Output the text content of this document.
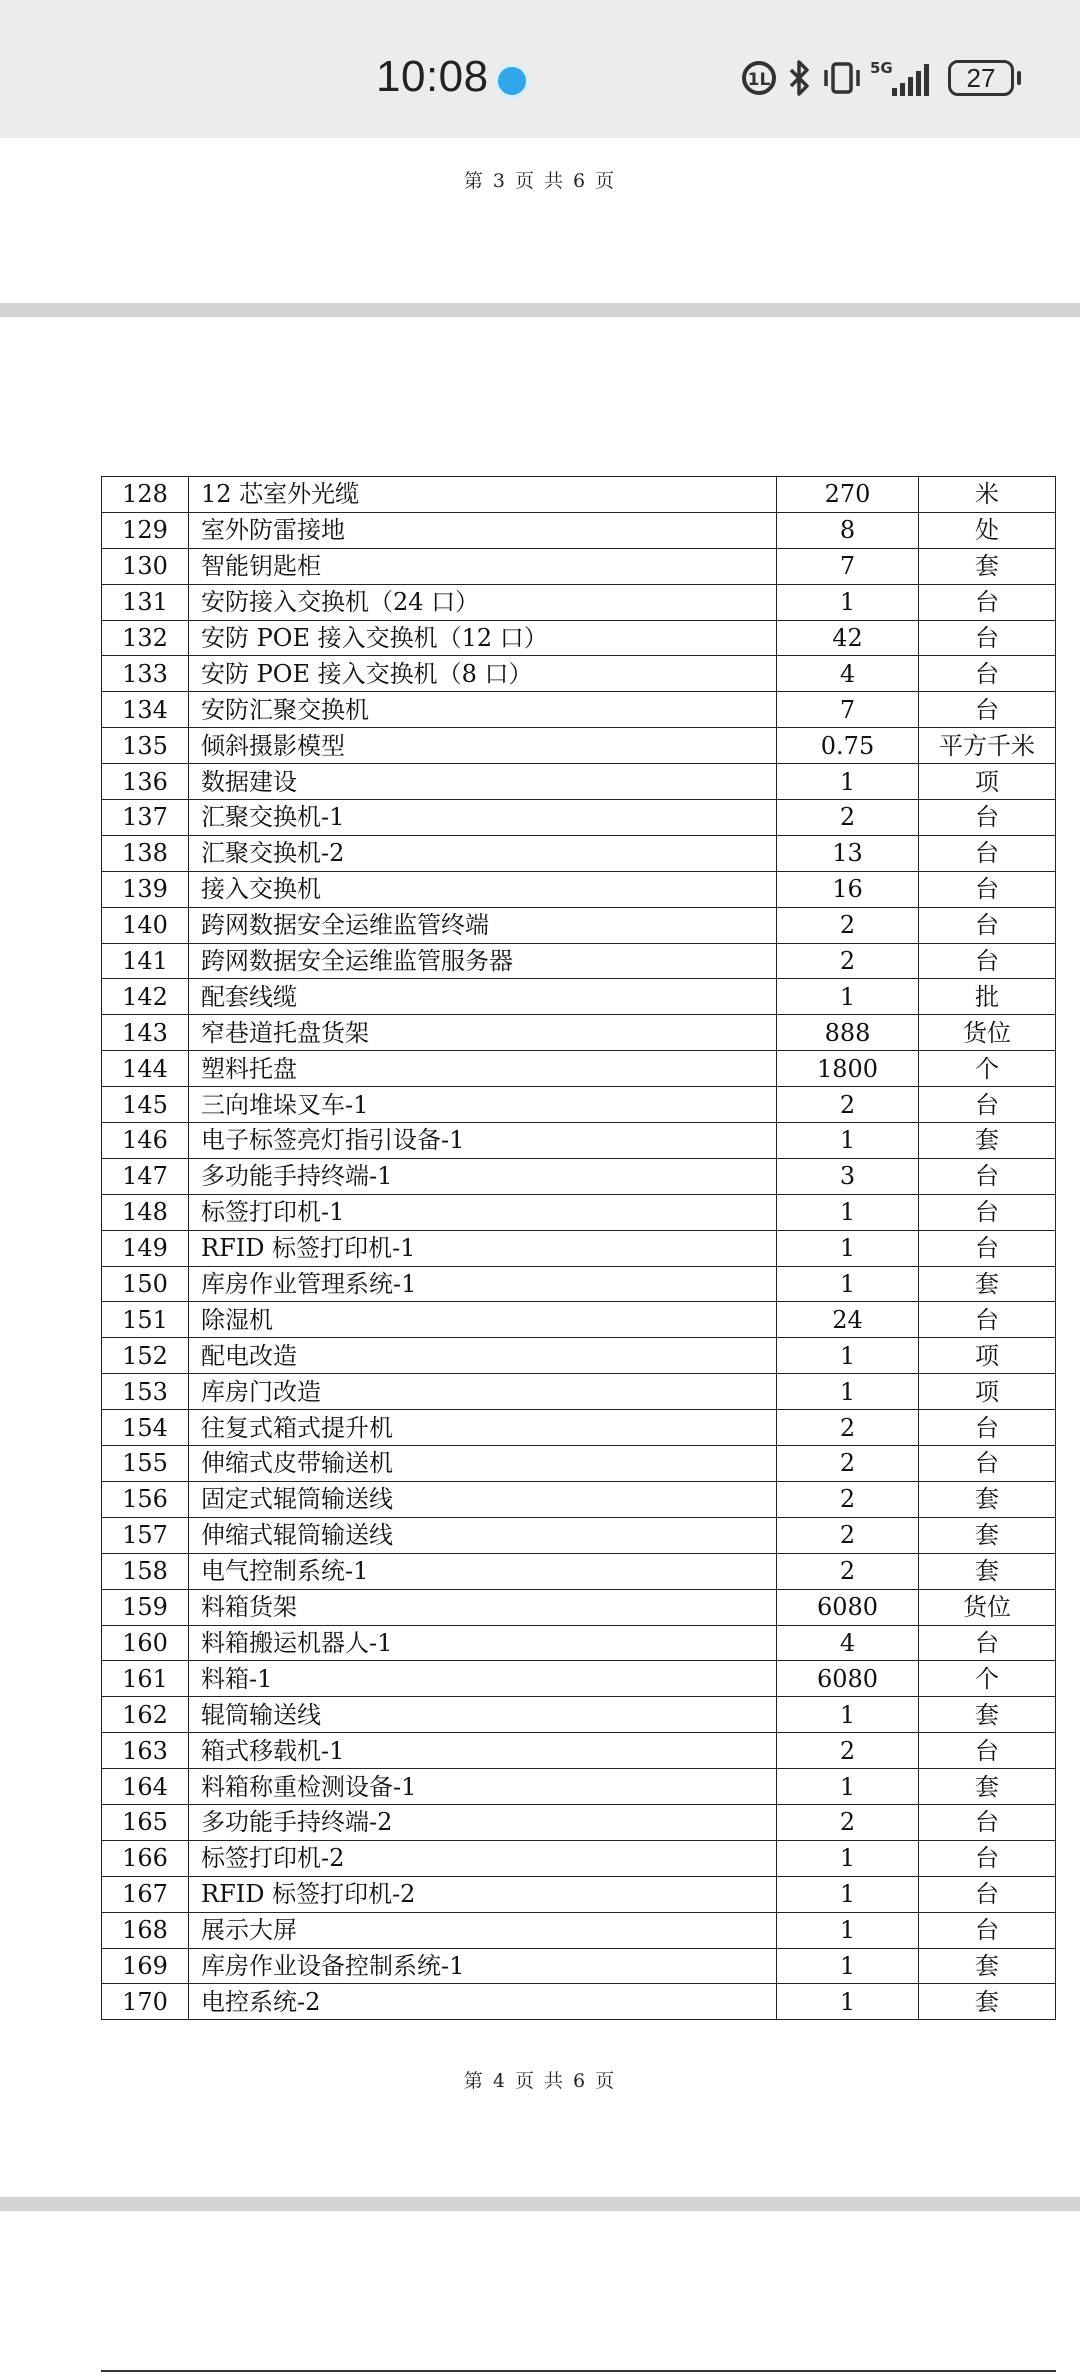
10:08	1L
5G	27
第 3 页 共 6 页
128	12 芯室外光缆	270	米
129	室外防雷接地	8	处
130	智能钥匙柜	7	套
131	安防接入交换机（24 口）	1	台
132	安防 POE 接入交换机（12 口）	42	台
133	安防 POE 接入交换机（8 口）	4	台
134	安防汇聚交换机	7	台
135	倾斜摄影模型	0.75	平方千米
136	数据建设	1	项
137	汇聚交换机-1	2	台
138	汇聚交换机-2	13	台
139	接入交换机	16	台
140	跨网数据安全运维监管终端	2	台
141	跨网数据安全运维监管服务器	2	台
142	配套线缆	1	批
143	窄巷道托盘货架	888	货位
144	塑料托盘	1800	个
145	三向堆垛叉车-1	2	台
146	电子标签亮灯指引设备-1	1	套
147	多功能手持终端-1	3	台
148	标签打印机-1	1	台
149	RFID 标签打印机-1	1	台
150	库房作业管理系统-1	1	套
151	除湿机	24	台
152	配电改造	1	项
153	库房门改造	1	项
154	往复式箱式提升机	2	台
155	伸缩式皮带输送机	2	台
156	固定式辊筒输送线	2	套
157	伸缩式辊筒输送线	2	套
158	电气控制系统-1	2	套
159	料箱货架	6080	货位
160	料箱搬运机器人-1	4	台
161	料箱-1	6080	个
162	辊筒输送线	1	套
163	箱式移载机-1	2	台
164	料箱称重检测设备-1	1	套
165	多功能手持终端-2	2	台
166	标签打印机-2	1	台
167	RFID 标签打印机-2	1	台
168	展示大屏	1	台
169	库房作业设备控制系统-1	1	套
170	电控系统-2	1	套
第 4 页 共 6 页
